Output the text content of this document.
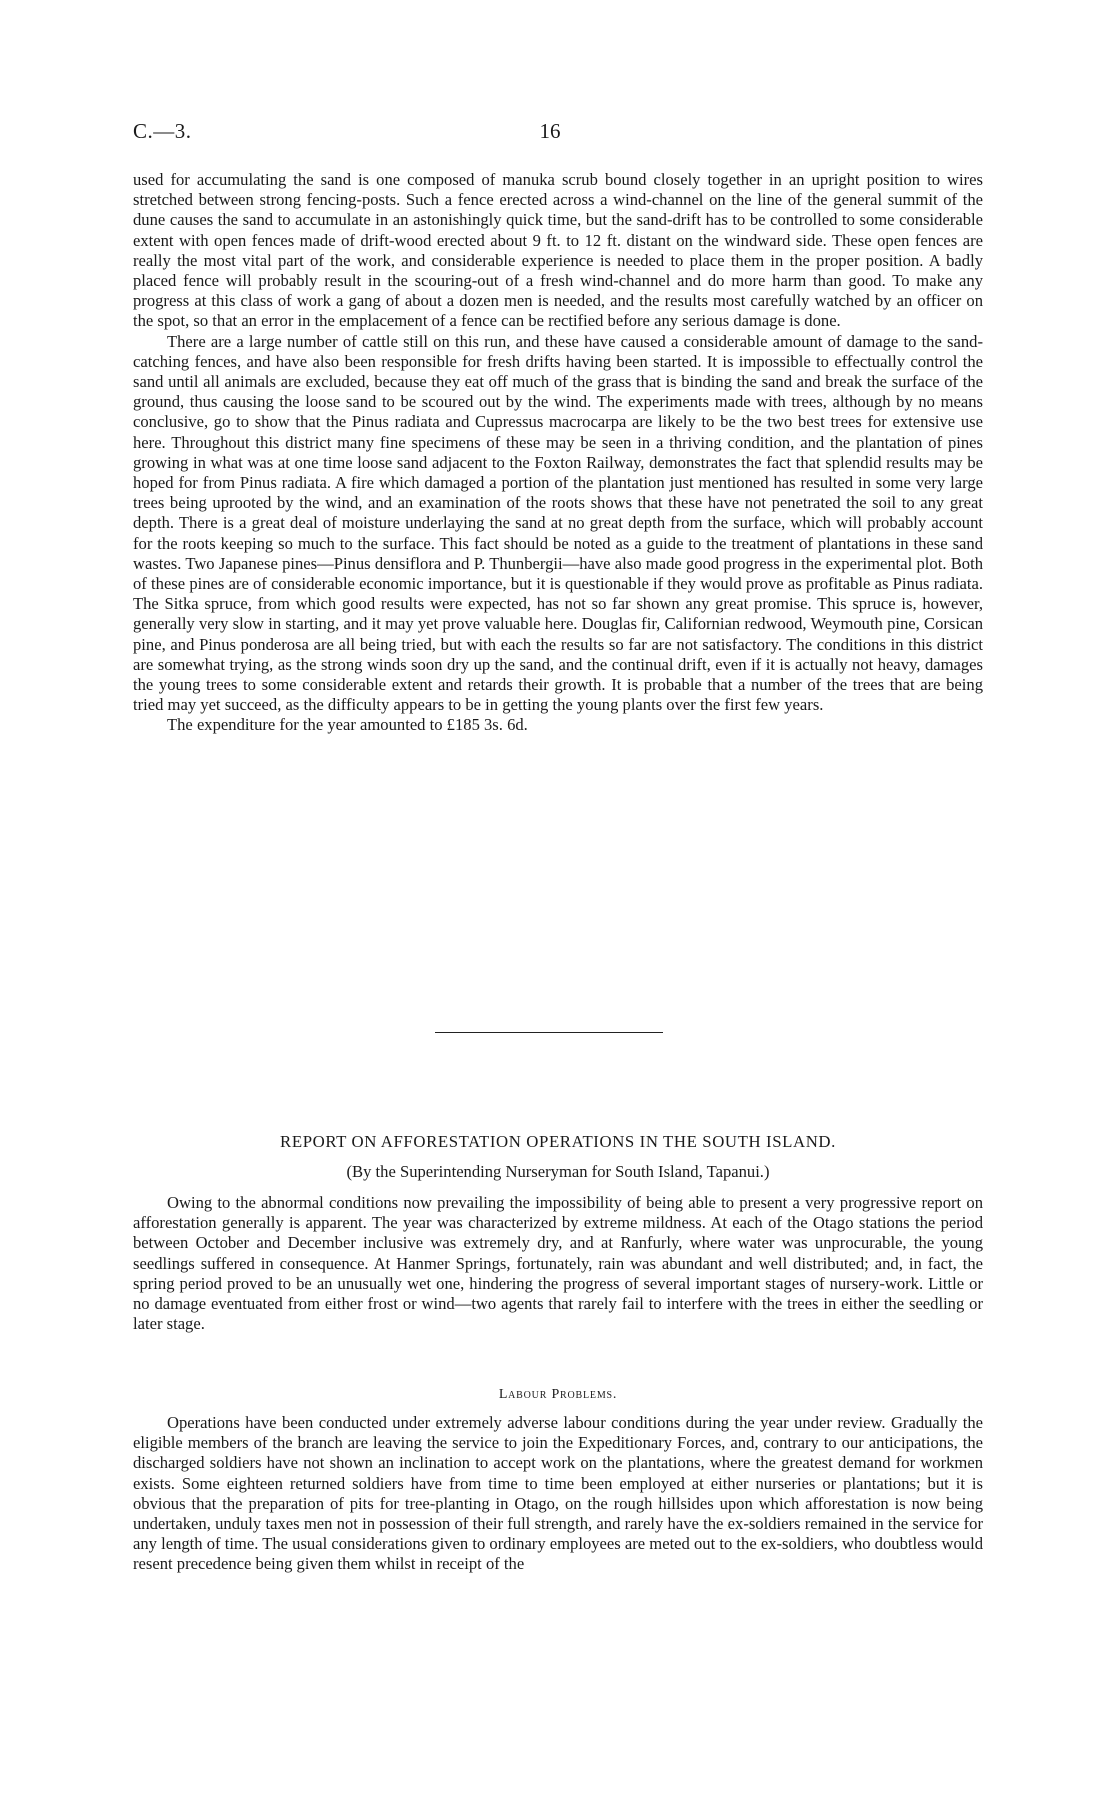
C.—3.	16

used for accumulating the sand is one composed of manuka scrub bound closely together in an upright position to wires stretched between strong fencing-posts. Such a fence erected across a wind-channel on the line of the general summit of the dune causes the sand to accumulate in an astonishingly quick time, but the sand-drift has to be controlled to some considerable extent with open fences made of drift-wood erected about 9 ft. to 12 ft. distant on the windward side. These open fences are really the most vital part of the work, and considerable experience is needed to place them in the proper position. A badly placed fence will probably result in the scouring-out of a fresh wind-channel and do more harm than good. To make any progress at this class of work a gang of about a dozen men is needed, and the results most carefully watched by an officer on the spot, so that an error in the emplacement of a fence can be rectified before any serious damage is done.

There are a large number of cattle still on this run, and these have caused a considerable amount of damage to the sand-catching fences, and have also been responsible for fresh drifts having been started. It is impossible to effectually control the sand until all animals are excluded, because they eat off much of the grass that is binding the sand and break the surface of the ground, thus causing the loose sand to be scoured out by the wind. The experiments made with trees, although by no means conclusive, go to show that the Pinus radiata and Cupressus macrocarpa are likely to be the two best trees for extensive use here. Throughout this district many fine specimens of these may be seen in a thriving condition, and the plantation of pines growing in what was at one time loose sand adjacent to the Foxton Railway, demonstrates the fact that splendid results may be hoped for from Pinus radiata. A fire which damaged a portion of the plantation just mentioned has resulted in some very large trees being uprooted by the wind, and an examination of the roots shows that these have not penetrated the soil to any great depth. There is a great deal of moisture underlaying the sand at no great depth from the surface, which will probably account for the roots keeping so much to the surface. This fact should be noted as a guide to the treatment of plantations in these sand wastes. Two Japanese pines—Pinus densiflora and P. Thunbergii—have also made good progress in the experimental plot. Both of these pines are of considerable economic importance, but it is questionable if they would prove as profitable as Pinus radiata. The Sitka spruce, from which good results were expected, has not so far shown any great promise. This spruce is, however, generally very slow in starting, and it may yet prove valuable here. Douglas fir, Californian redwood, Weymouth pine, Corsican pine, and Pinus ponderosa are all being tried, but with each the results so far are not satisfactory. The conditions in this district are somewhat trying, as the strong winds soon dry up the sand, and the continual drift, even if it is actually not heavy, damages the young trees to some considerable extent and retards their growth. It is probable that a number of the trees that are being tried may yet succeed, as the difficulty appears to be in getting the young plants over the first few years.

The expenditure for the year amounted to £185 3s. 6d.

REPORT ON AFFORESTATION OPERATIONS IN THE SOUTH ISLAND.
(By the Superintending Nurseryman for South Island, Tapanui.)

Owing to the abnormal conditions now prevailing the impossibility of being able to present a very progressive report on afforestation generally is apparent. The year was characterized by extreme mildness. At each of the Otago stations the period between October and December inclusive was extremely dry, and at Ranfurly, where water was unprocurable, the young seedlings suffered in consequence. At Hanmer Springs, fortunately, rain was abundant and well distributed; and, in fact, the spring period proved to be an unusually wet one, hindering the progress of several important stages of nursery-work. Little or no damage eventuated from either frost or wind—two agents that rarely fail to interfere with the trees in either the seedling or later stage.

Labour Problems.

Operations have been conducted under extremely adverse labour conditions during the year under review. Gradually the eligible members of the branch are leaving the service to join the Expeditionary Forces, and, contrary to our anticipations, the discharged soldiers have not shown an inclination to accept work on the plantations, where the greatest demand for workmen exists. Some eighteen returned soldiers have from time to time been employed at either nurseries or plantations; but it is obvious that the preparation of pits for tree-planting in Otago, on the rough hillsides upon which afforestation is now being undertaken, unduly taxes men not in possession of their full strength, and rarely have the ex-soldiers remained in the service for any length of time. The usual considerations given to ordinary employees are meted out to the ex-soldiers, who doubtless would resent precedence being given them whilst in receipt of the
